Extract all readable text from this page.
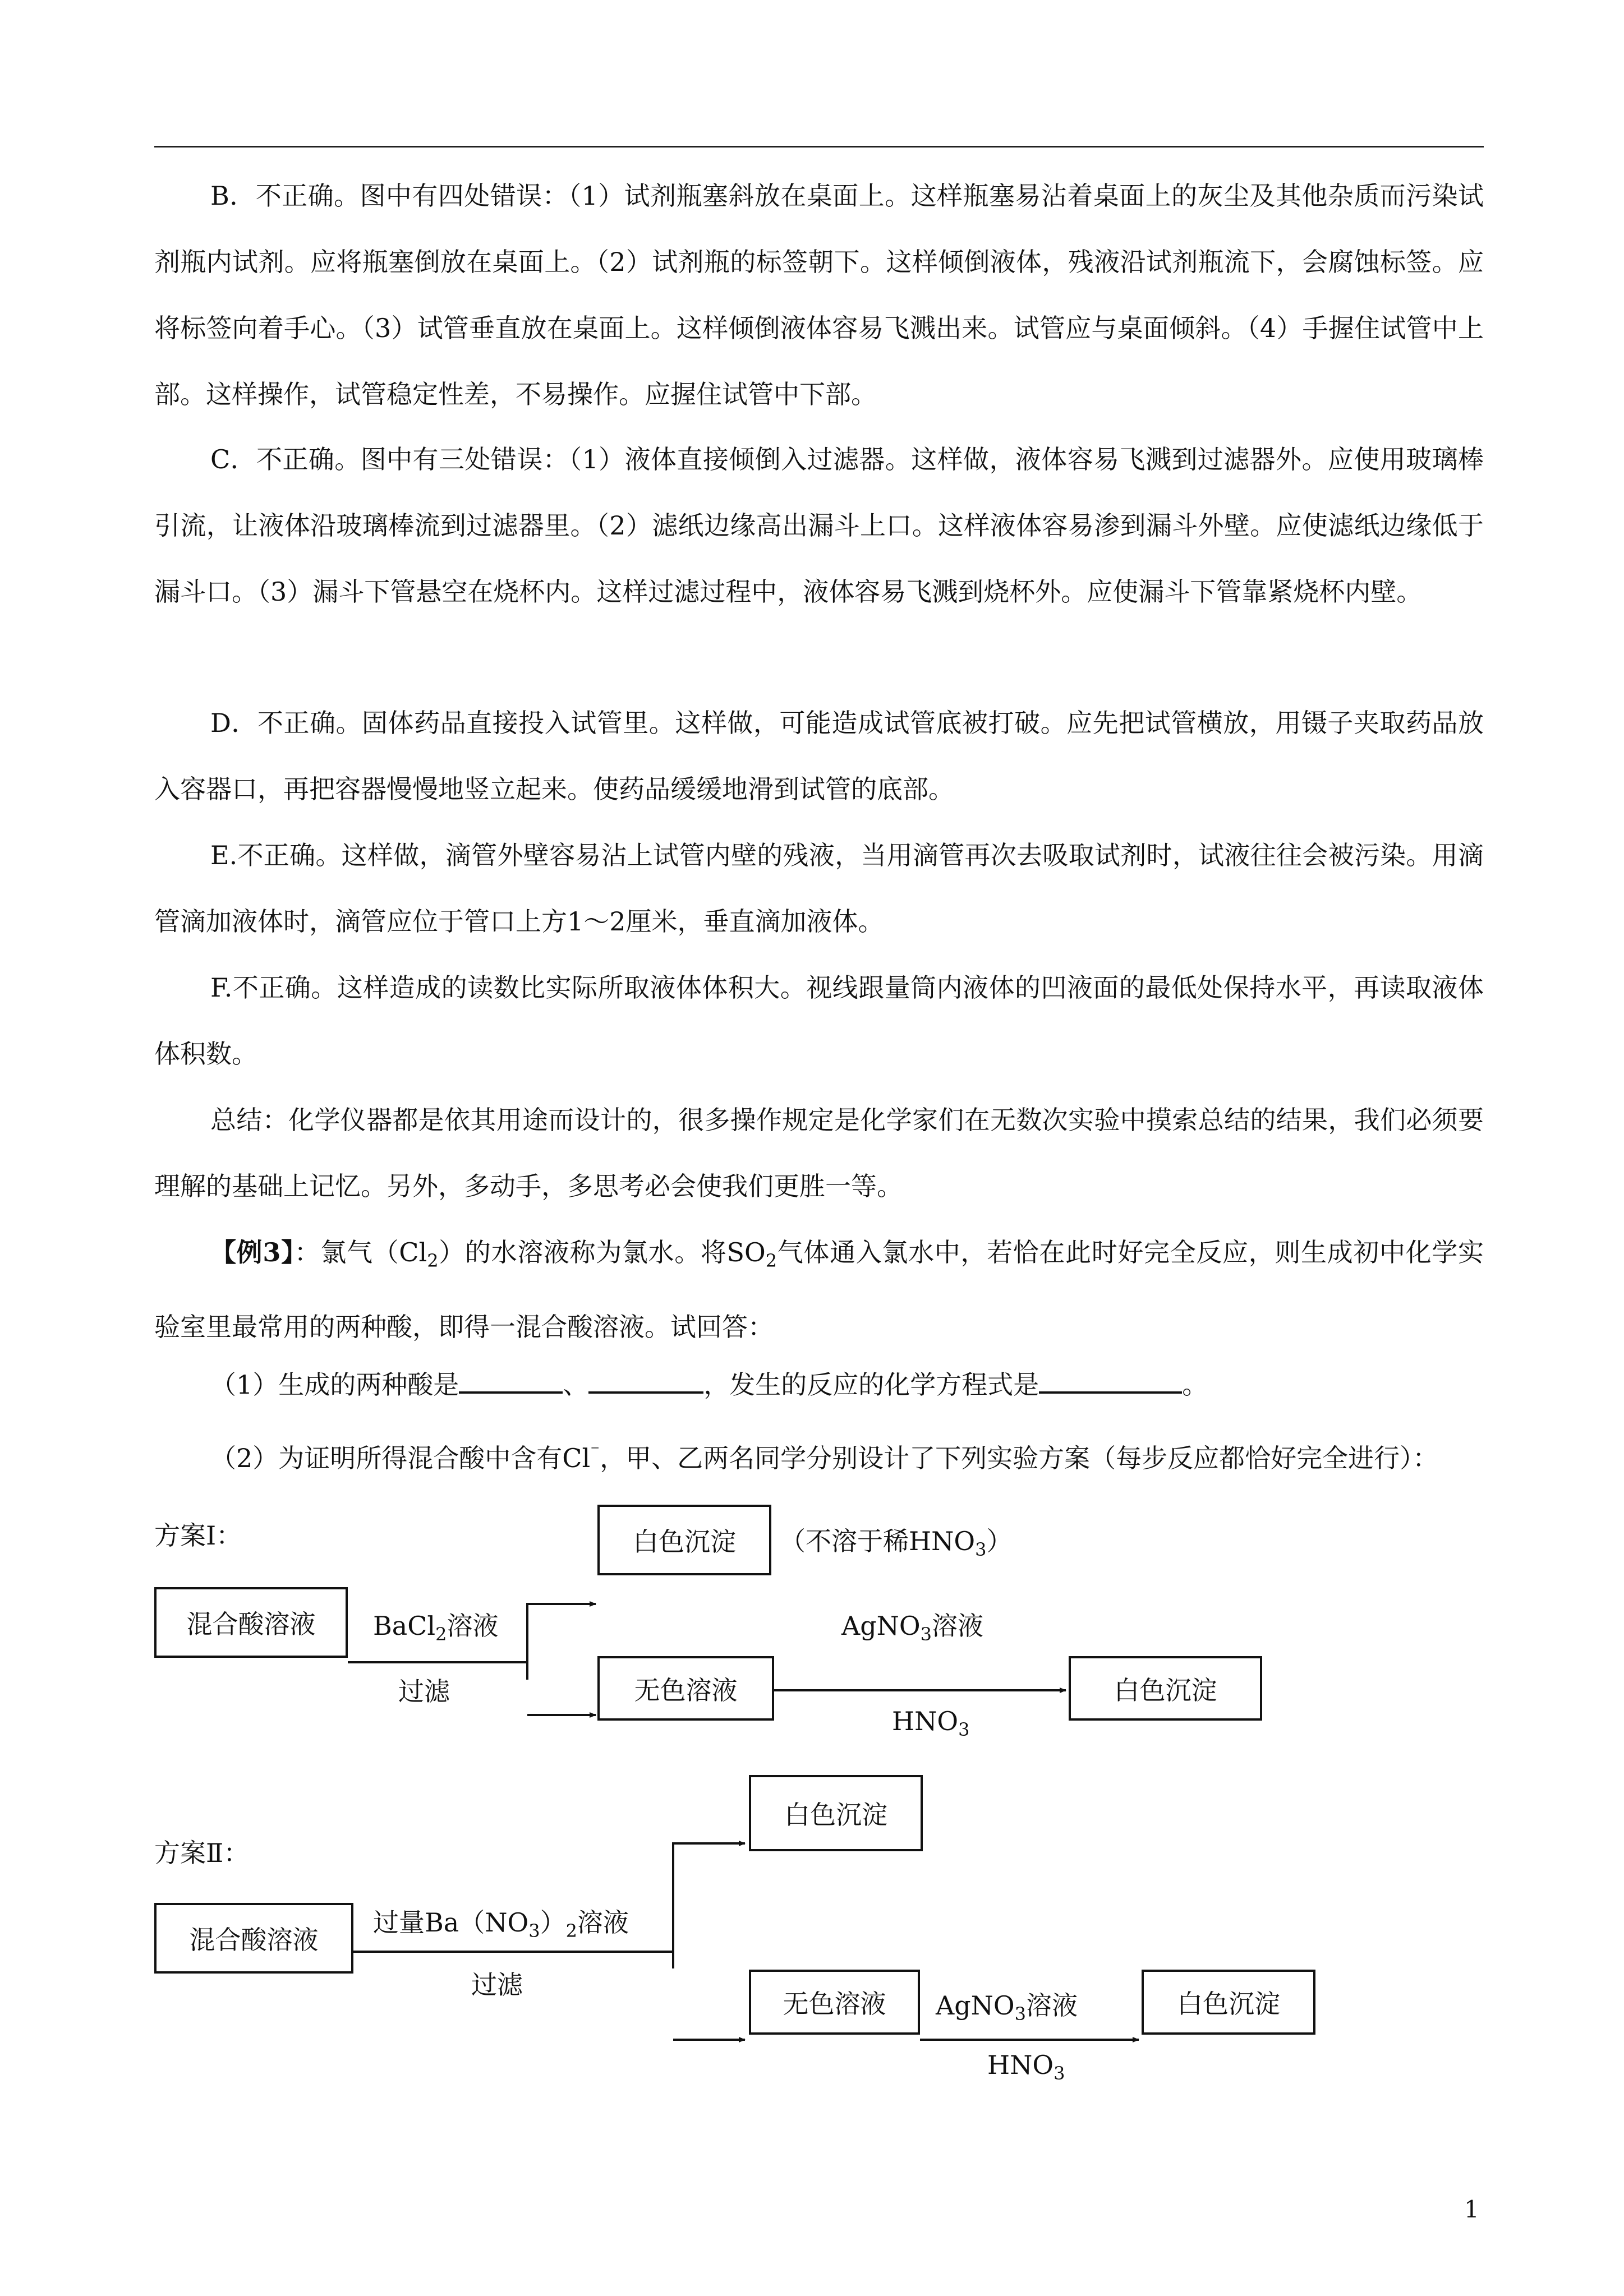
B．不正确。图中有四处错误：（1）试剂瓶塞斜放在桌面上。这样瓶塞易沾着桌面上的灰尘及其他杂质而污染试剂瓶内试剂。应将瓶塞倒放在桌面上。（2）试剂瓶的标签朝下。这样倾倒液体，残液沿试剂瓶流下，会腐蚀标签。应将标签向着手心。（3）试管垂直放在桌面上。这样倾倒液体容易飞溅出来。试管应与桌面倾斜。（4）手握住试管中上部。这样操作，试管稳定性差，不易操作。应握住试管中下部。

C．不正确。图中有三处错误：（1）液体直接倾倒入过滤器。这样做，液体容易飞溅到过滤器外。应使用玻璃棒引流，让液体沿玻璃棒流到过滤器里。（2）滤纸边缘高出漏斗上口。这样液体容易渗到漏斗外壁。应使滤纸边缘低于漏斗口。（3）漏斗下管悬空在烧杯内。这样过滤过程中，液体容易飞溅到烧杯外。应使漏斗下管靠紧烧杯内壁。

D．不正确。固体药品直接投入试管里。这样做，可能造成试管底被打破。应先把试管横放，用镊子夹取药品放入容器口，再把容器慢慢地竖立起来。使药品缓缓地滑到试管的底部。

E.不正确。这样做，滴管外壁容易沾上试管内壁的残液，当用滴管再次去吸取试剂时，试液往往会被污染。用滴管滴加液体时，滴管应位于管口上方1～2厘米，垂直滴加液体。

F.不正确。这样造成的读数比实际所取液体体积大。视线跟量筒内液体的凹液面的最低处保持水平，再读取液体体积数。

总结：化学仪器都是依其用途而设计的，很多操作规定是化学家们在无数次实验中摸索总结的结果，我们必须要理解的基础上记忆。另外，多动手，多思考必会使我们更胜一等。

【例3】：氯气$(Cl_2)$的水溶液称为氯水。将$SO_2$气体通入氯水中，若恰在此时好完全反应，则生成初中化学实验室里最常用的两种酸，即得一混合酸溶液。试回答：

（1）生成的两种酸是	、	，发生的反应的化学方程式是	。

（2）为证明所得混合酸中含有Cl⁻，甲、乙两名同学分别设计了下列实验方案（每步反应都恰好完全进行）：

方案Ⅰ：
混合酸溶液	BaCl$_2$溶液
过滤
白色沉淀	（不溶于稀$HNO_3$）
AgNO$_3$溶液
无色溶液
$HNO_3$
白色沉淀
方案Ⅱ：
混合酸溶液
过量$Ba(NO_3)_2$溶液
过滤
白色沉淀
无色溶液	AgNO$_3$溶液
$HNO_3$
白色沉淀
1
